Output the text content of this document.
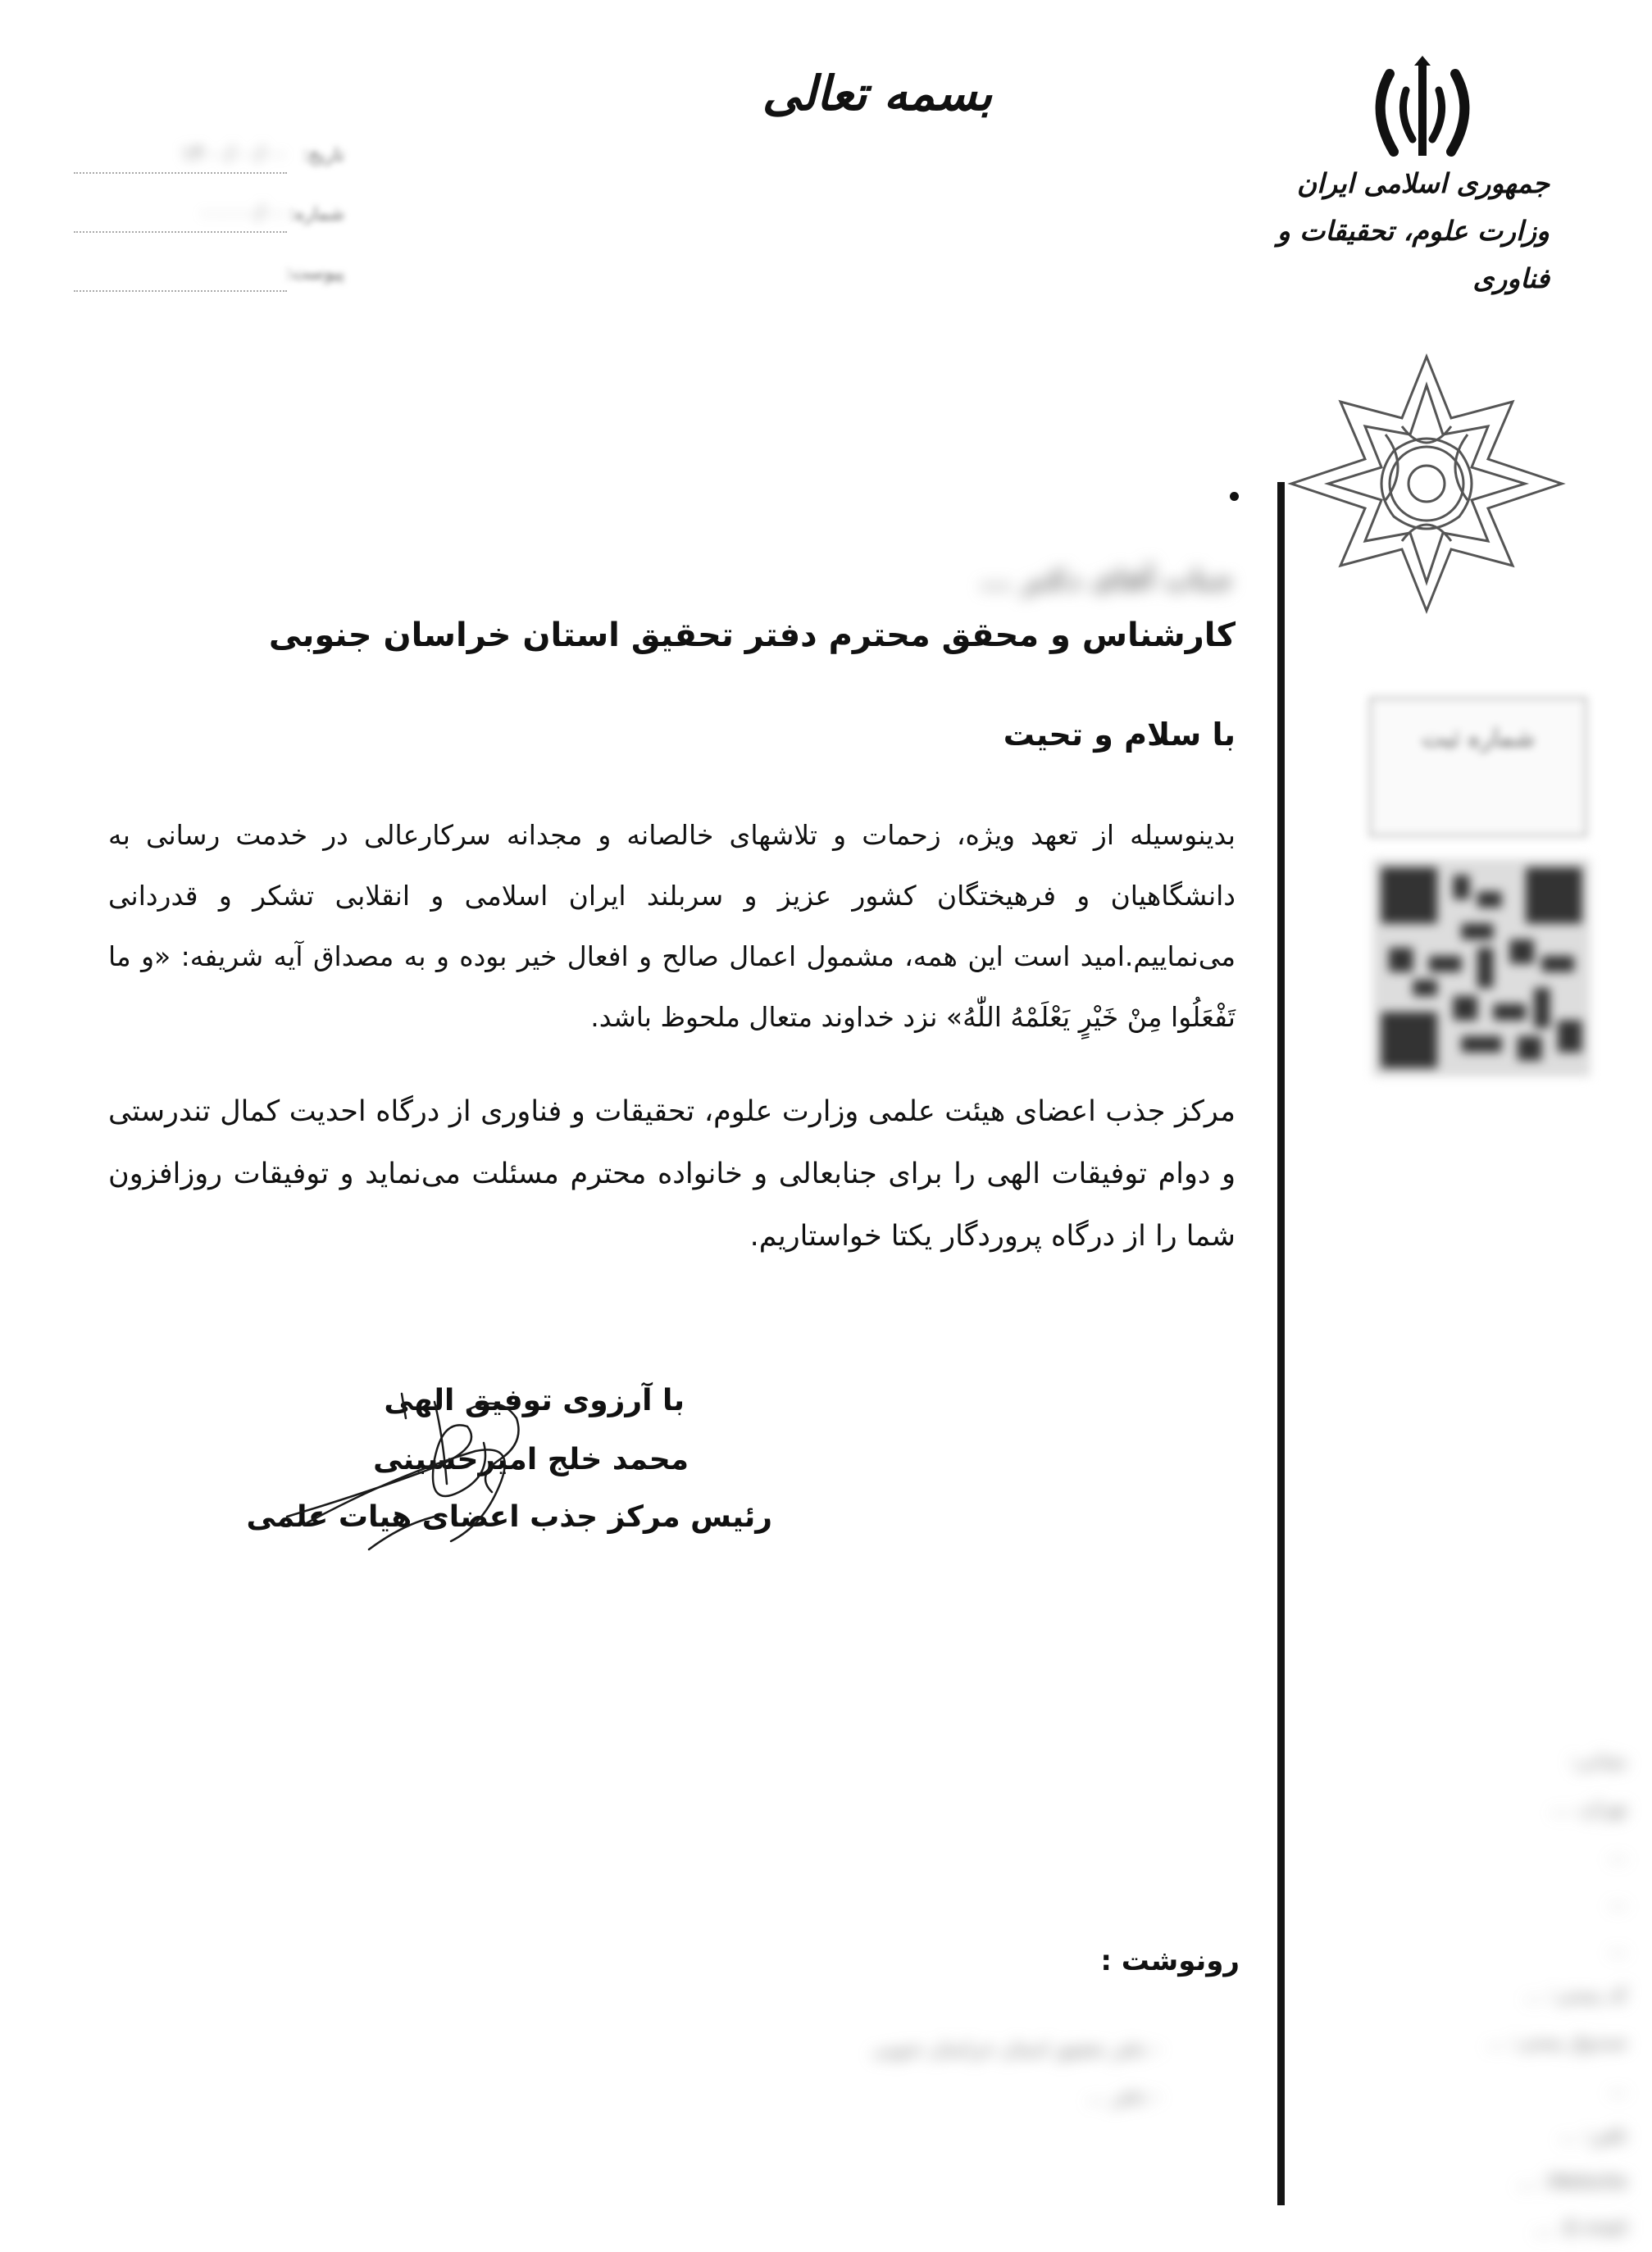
بسمه تعالی
جمهوری اسلامی ایران
وزارت علوم، تحقیقات و فناوری
تاریخ:
۱۴۰۰/۰۰/۰۰
شماره:
۰۰۰۰۰/۰۰
پیوست:
شماره ثبت
جناب آقای دکتر ...
کارشناس و محقق محترم دفتر تحقیق استان خراسان جنوبی
با سلام و تحیت
بدینوسیله از تعهد ویژه، زحمات و تلاشهای خالصانه و مجدانه سرکارعالی در خدمت رسانی به دانشگاهیان و فرهیختگان کشور عزیز و سربلند ایران اسلامی و انقلابی تشکر و قدردانی می‌نماییم.امید است این همه، مشمول اعمال صالح و افعال خیر بوده و به مصداق آیه شریفه: «و ما تَفْعَلُوا مِنْ خَیْرٍ یَعْلَمْهُ اللّٰهُ» نزد خداوند متعال ملحوظ باشد.
مرکز جذب اعضای هیئت علمی وزارت علوم، تحقیقات و فناوری از درگاه احدیت کمال تندرستی و دوام توفیقات الهی را برای جنابعالی و خانواده محترم مسئلت می‌نماید و توفیقات روزافزون شما را از درگاه پروردگار یکتا خواستاریم.
با آرزوی توفیق الهی
محمد خلج امیرحسینی
رئیس مرکز جذب اعضای هیات علمی
رونوشت :
- دفتر تحقیق استان خراسان جنوبی
- دفتر ...
نشانی:
تهران، ...
...
...
...
کد پستی: ...
صندوق پستی: ...
...
تلفن: ...
Website: ...
E-mail: ...
